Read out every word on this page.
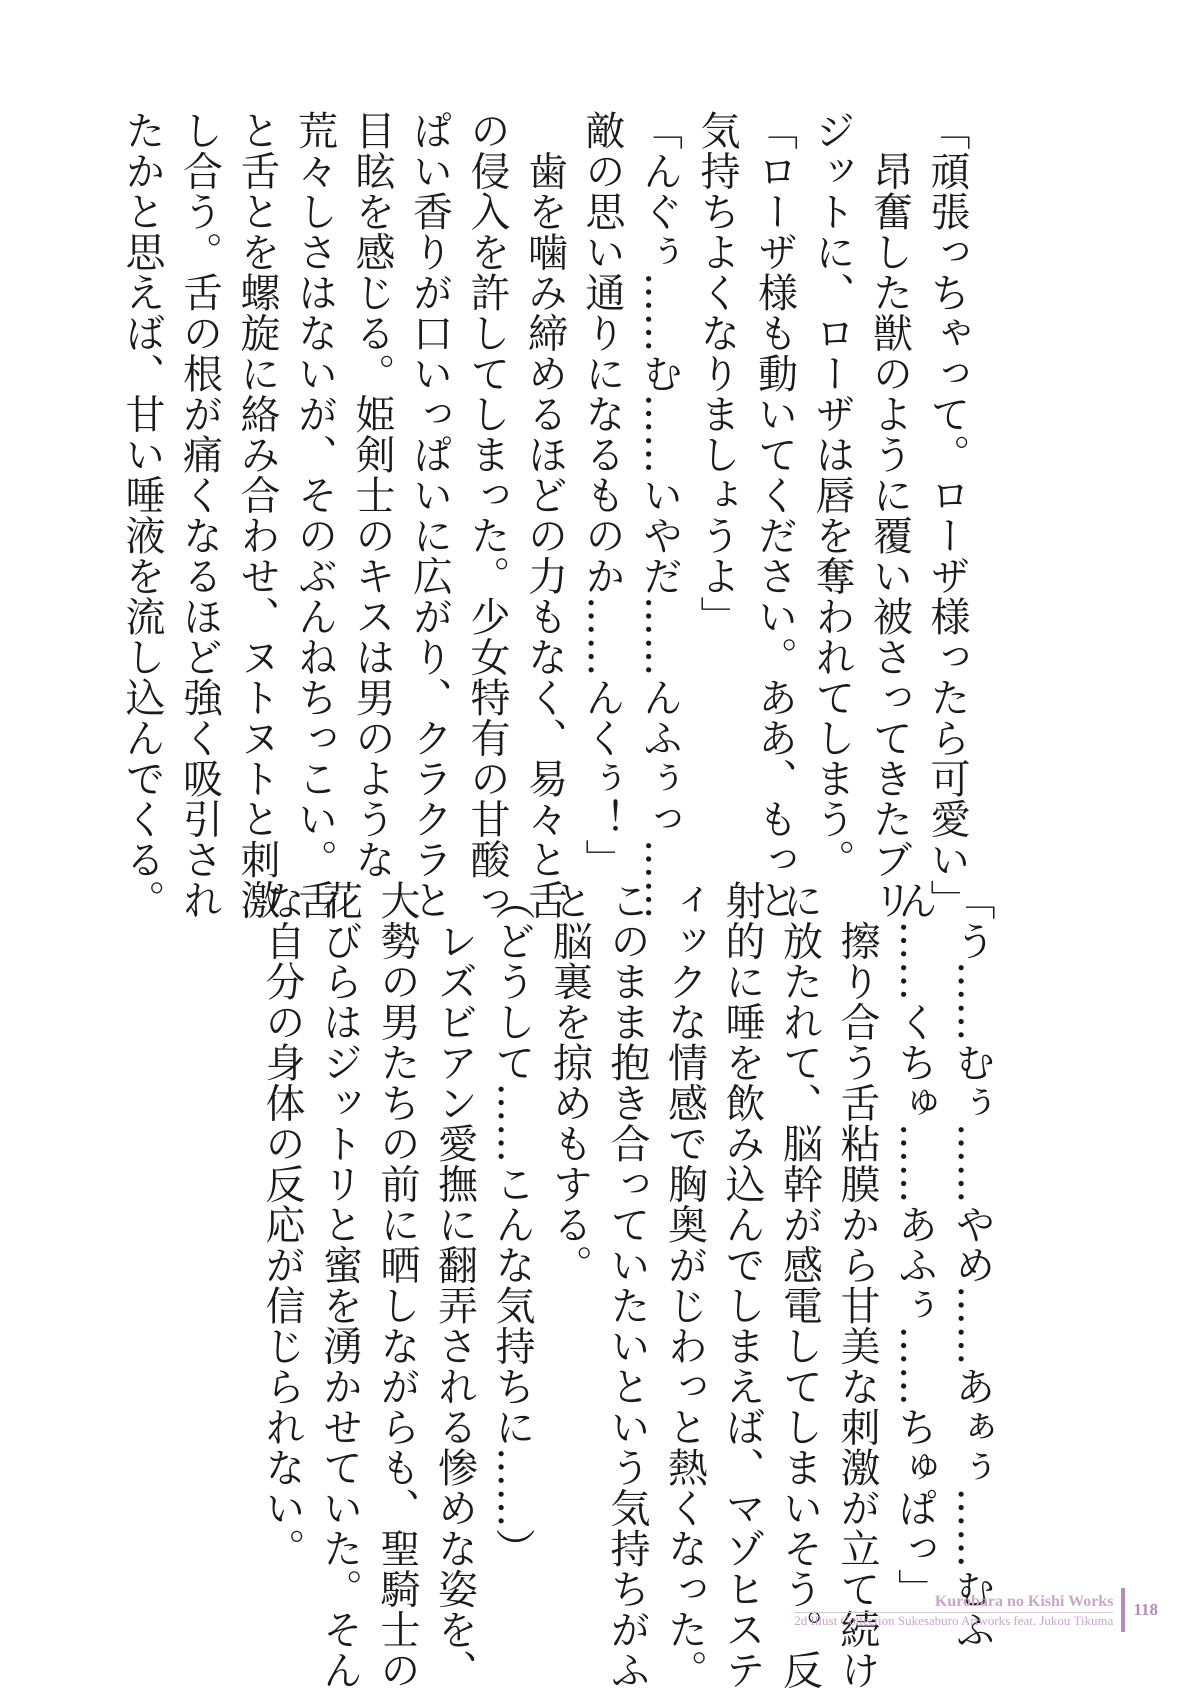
「頑張っちゃって。ローザ様ったら可愛い」
　昂奮した獣のように覆い被さってきたブリ
ジットに、ローザは唇を奪われてしまう。
「ローザ様も動いてください。ああ、もっと
気持ちよくなりましょうよ」
「んぐぅ……む……いやだ……んふぅっ……
敵の思い通りになるものか……んくぅ！」
　歯を噛み締めるほどの力もなく、易々と舌
の侵入を許してしまった。少女特有の甘酸っ
ぱい香りが口いっぱいに広がり、クラクラと
目眩を感じる。姫剣士のキスは男のような
荒々しさはないが、そのぶんねちっこい。舌
と舌とを螺旋に絡み合わせ、ヌトヌトと刺激
し合う。舌の根が痛くなるほど強く吸引され
たかと思えば、甘い唾液を流し込んでくる。
「う……むぅ……やめ……あぁぅ……むふ
ん……くちゅ……あふぅ……ちゅぱっ」
　擦り合う舌粘膜から甘美な刺激が立て続け
に放たれて、脳幹が感電してしまいそう。反
射的に唾を飲み込んでしまえば、マゾヒステ
ィックな情感で胸奥がじわっと熱くなった。
このまま抱き合っていたいという気持ちがふ
と脳裏を掠めもする。
（どうして……こんな気持ちに……）
　レズビアン愛撫に翻弄される惨めな姿を、
大勢の男たちの前に晒しながらも、聖騎士の
花びらはジットリと蜜を湧かせていた。そん
な自分の身体の反応が信じられない。
Kurobara no Kishi Works
2d Illust Collection Sukesaburo Artworks feat. Jukou Tikuma
118
